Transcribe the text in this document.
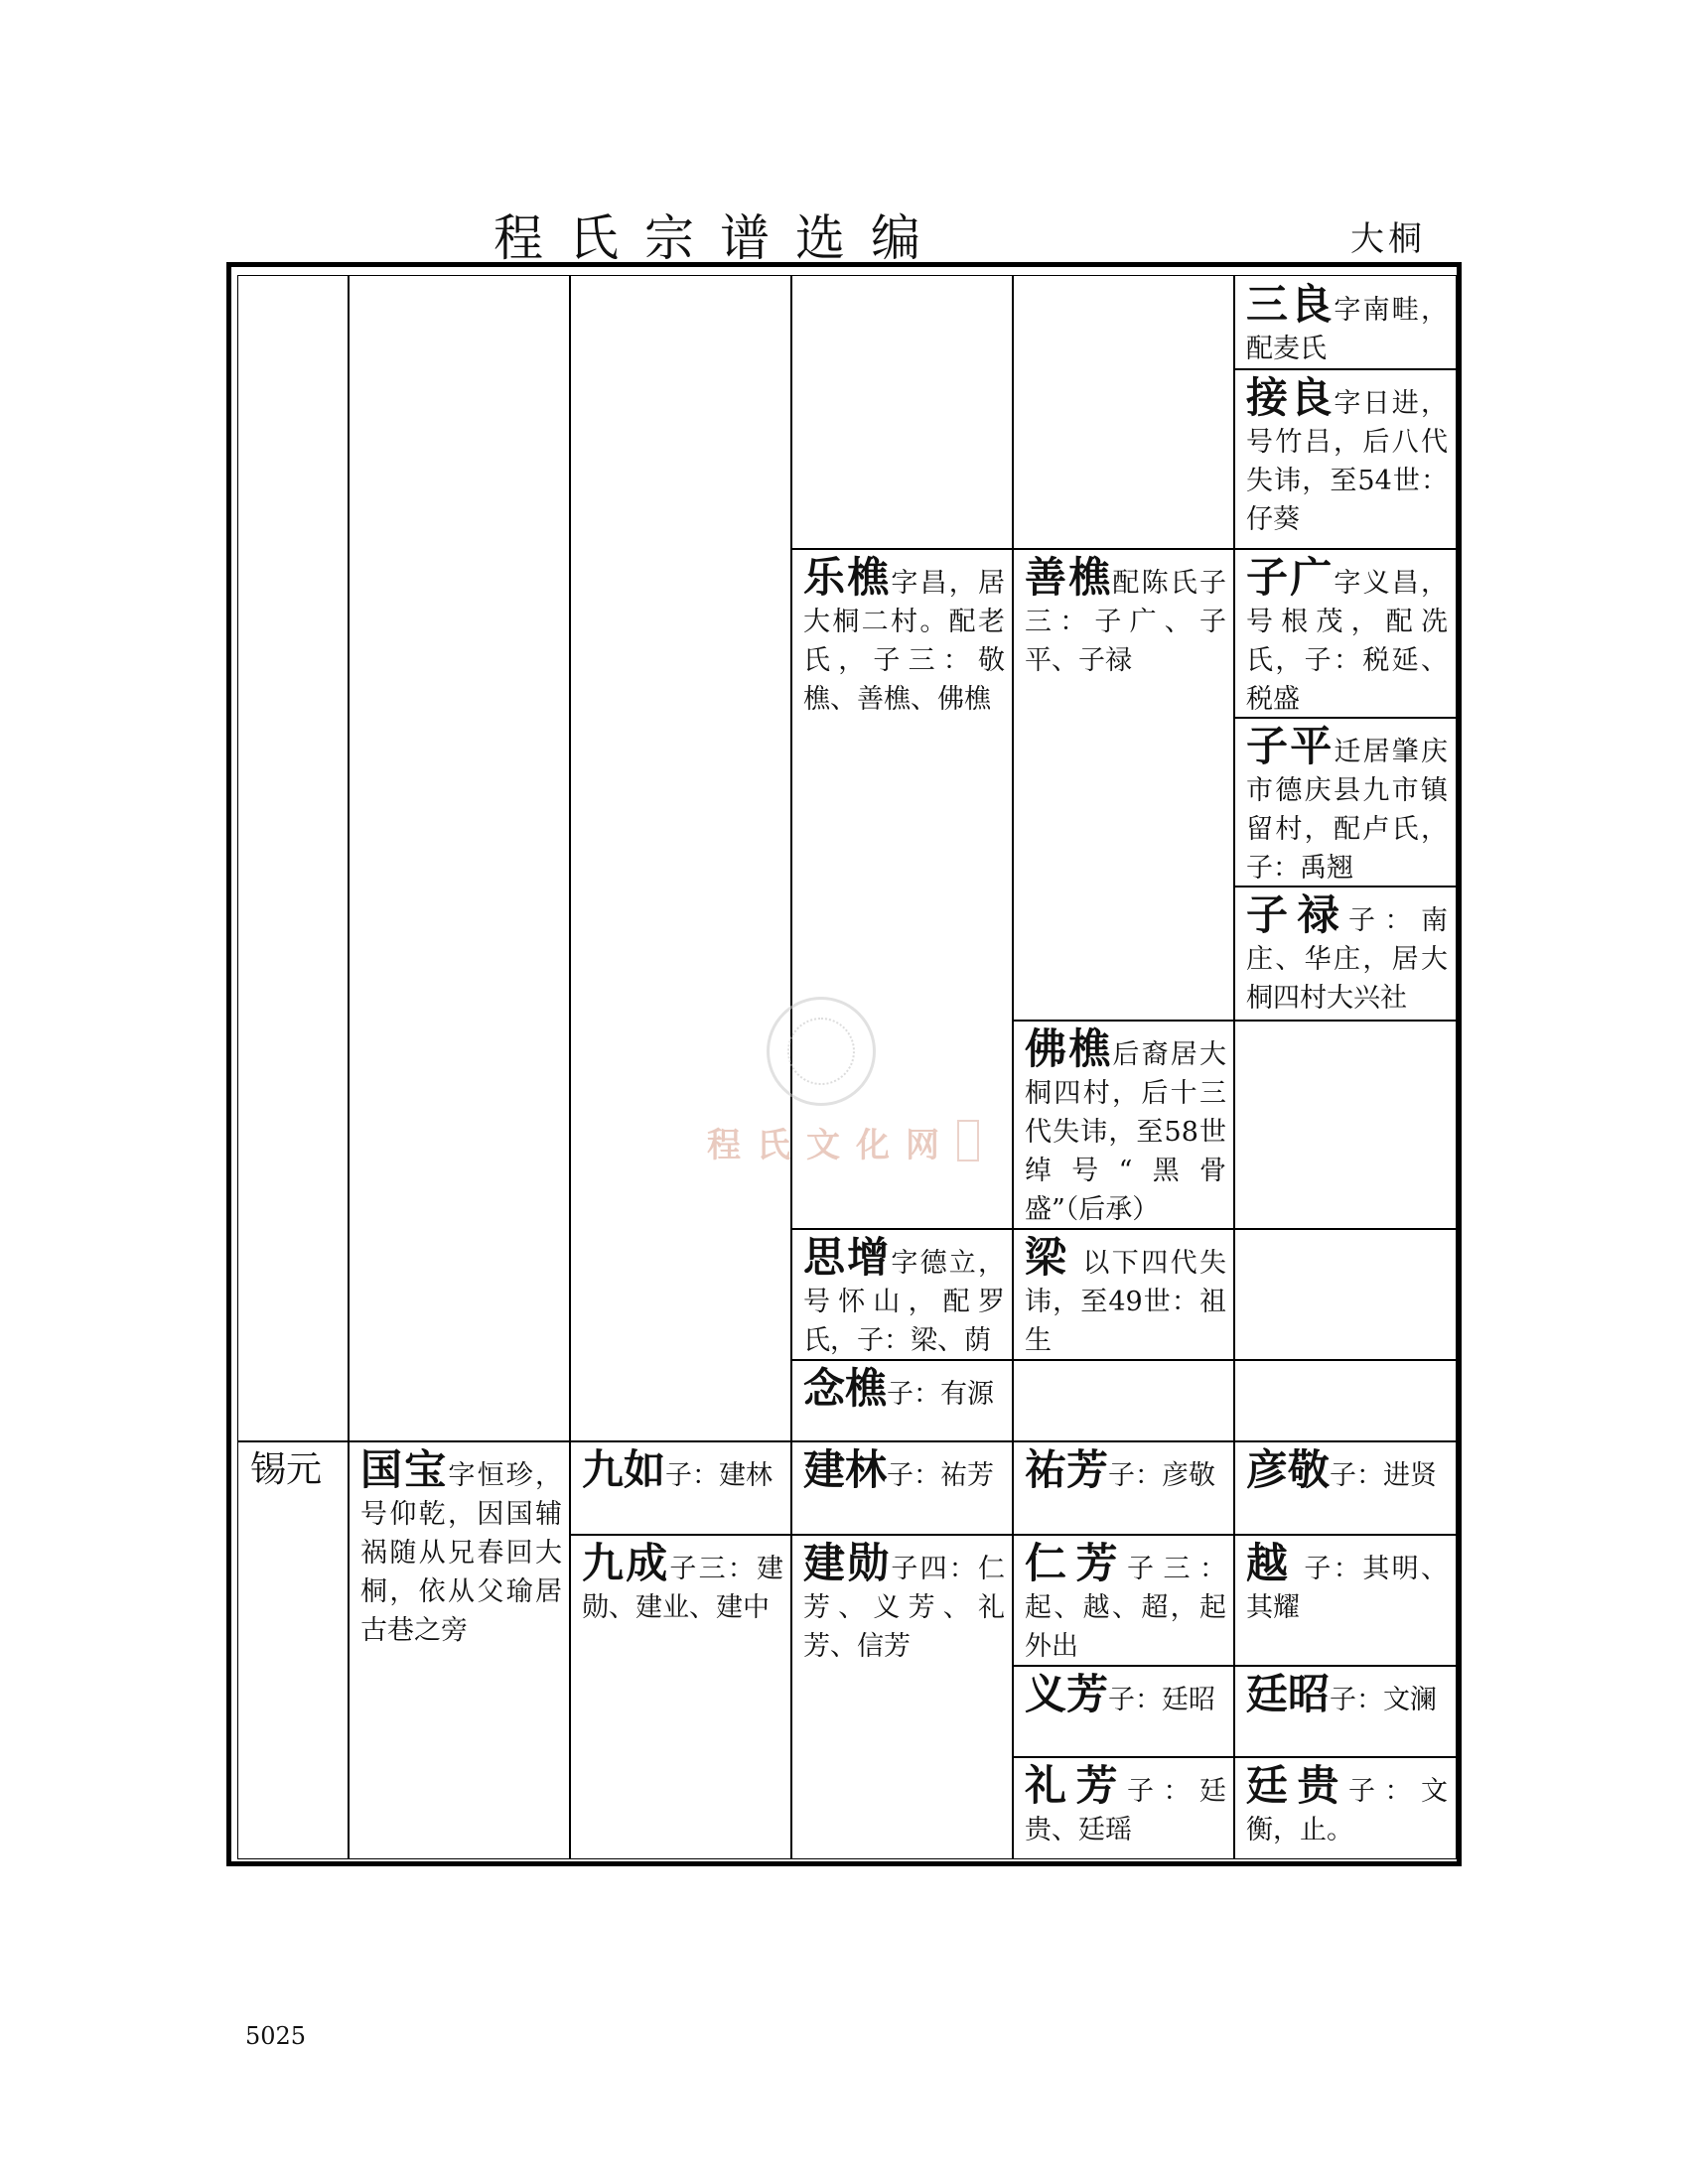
程氏宗谱选编	大桐
锡元 国宝字恒珍，号仰乾，因国辅祸随从兄春回大桐，依从父瑜居古巷之旁
九如子：建林
九成子三：建勋、建业、建中
乐樵字昌，居大桐二村。配老氏，子三：敬樵、善樵、佛樵
思增字德立，号怀山，配罗氏，子：梁、荫
念樵子：有源
建林子：祐芳
建勋子四：仁芳、义芳、礼芳、信芳
善樵配陈氏子三：子广、子平、子禄
佛樵后裔居大桐四村，后十三代失讳，至58世绰号“黑骨盛”（后承）
梁以下四代失讳，至49世：祖生
祐芳子：彦敬
仁芳子三：起、越、超，起外出
义芳子：廷昭
礼芳子：廷贵、廷瑶
三良字南畦，配麦氏
接良字日进，号竹吕，后八代失讳，至54世：仔葵
子广字义昌，号根茂，配冼氏，子：税延、税盛
子平迁居肇庆市德庆县九市镇留村，配卢氏，子：禹翘
子禄子：南庄、华庄，居大桐四村大兴社
彦敬子：进贤
越子：其明、其耀
廷昭子：文澜
廷贵子：文衡，止。
程氏文化网
5025
